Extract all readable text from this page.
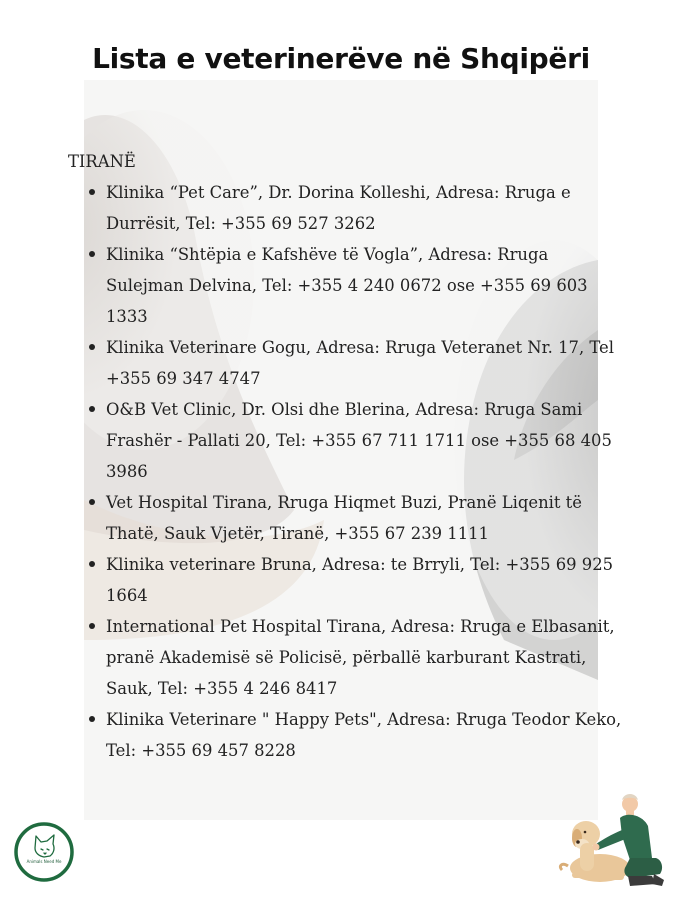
Lista e veterinerëve në Shqipëri
TIRANË
Klinika “Pet Care”, Dr. Dorina Kolleshi, Adresa: Rruga e Durrësit, Tel: +355 69 527 3262
Klinika “Shtëpia e Kafshëve të Vogla”, Adresa: Rruga Sulejman Delvina, Tel: +355 4 240 0672 ose +355 69 603 1333
Klinika Veterinare Gogu, Adresa: Rruga Veteranet Nr. 17, Tel +355 69 347 4747
O&B Vet Clinic, Dr. Olsi dhe Blerina, Adresa: Rruga Sami Frashër - Pallati 20, Tel: +355 67 711 1711 ose +355 68 405 3986
Vet Hospital Tirana, Rruga Hiqmet Buzi, Pranë Liqenit të Thatë, Sauk Vjetër, Tiranë, +355 67 239 1111
Klinika veterinare Bruna, Adresa: te Brryli, Tel: +355 69 925 1664
International Pet Hospital Tirana, Adresa: Rruga e Elbasanit, pranë Akademisë së Policisë, përballë karburant Kastrati, Sauk, Tel: +355 4 246 8417
Klinika Veterinare " Happy Pets", Adresa: Rruga Teodor Keko, Tel: +355 69 457 8228
Animals Need Me
